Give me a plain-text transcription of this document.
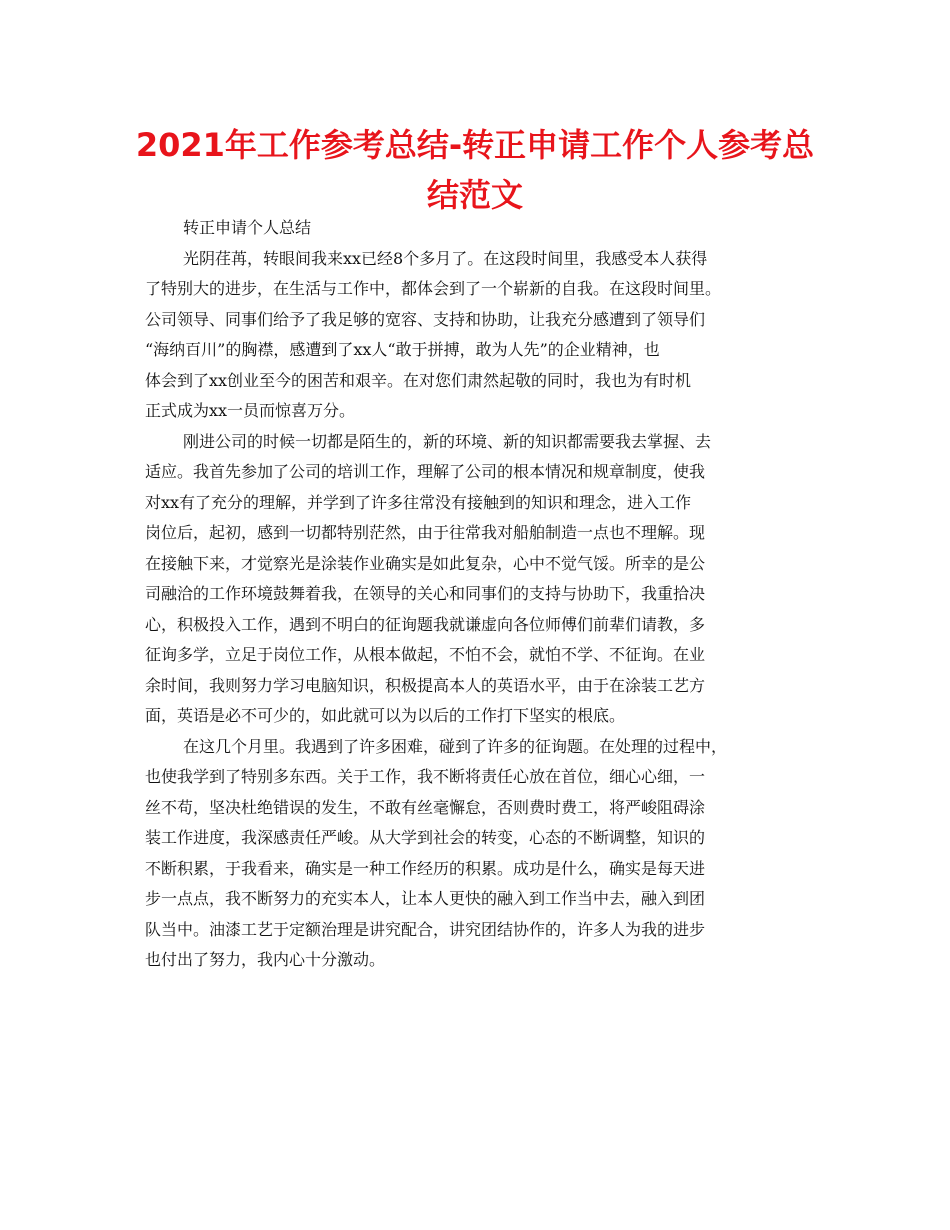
2021年工作参考总结-转正申请工作个人参考总
结范文
转正申请个人总结
光阴荏苒，转眼间我来xx已经8个多月了。在这段时间里，我感受本人获得
了特别大的进步，在生活与工作中，都体会到了一个崭新的自我。在这段时间里。
公司领导、同事们给予了我足够的宽容、支持和协助，让我充分感遭到了领导们
“海纳百川”的胸襟，感遭到了xx人“敢于拼搏，敢为人先”的企业精神，也
体会到了xx创业至今的困苦和艰辛。在对您们肃然起敬的同时，我也为有时机
正式成为xx一员而惊喜万分。
刚进公司的时候一切都是陌生的，新的环境、新的知识都需要我去掌握、去
适应。我首先参加了公司的培训工作，理解了公司的根本情况和规章制度，使我
对xx有了充分的理解，并学到了许多往常没有接触到的知识和理念，进入工作
岗位后，起初，感到一切都特别茫然，由于往常我对船舶制造一点也不理解。现
在接触下来，才觉察光是涂装作业确实是如此复杂，心中不觉气馁。所幸的是公
司融洽的工作环境鼓舞着我，在领导的关心和同事们的支持与协助下，我重拾决
心，积极投入工作，遇到不明白的征询题我就谦虚向各位师傅们前辈们请教，多
征询多学，立足于岗位工作，从根本做起，不怕不会，就怕不学、不征询。在业
余时间，我则努力学习电脑知识，积极提高本人的英语水平，由于在涂装工艺方
面，英语是必不可少的，如此就可以为以后的工作打下坚实的根底。
在这几个月里。我遇到了许多困难，碰到了许多的征询题。在处理的过程中，
也使我学到了特别多东西。关于工作，我不断将责任心放在首位，细心心细，一
丝不苟，坚决杜绝错误的发生，不敢有丝毫懈怠，否则费时费工，将严峻阻碍涂
装工作进度，我深感责任严峻。从大学到社会的转变，心态的不断调整，知识的
不断积累，于我看来，确实是一种工作经历的积累。成功是什么，确实是每天进
步一点点，我不断努力的充实本人，让本人更快的融入到工作当中去，融入到团
队当中。油漆工艺于定额治理是讲究配合，讲究团结协作的，许多人为我的进步
也付出了努力，我内心十分激动。
